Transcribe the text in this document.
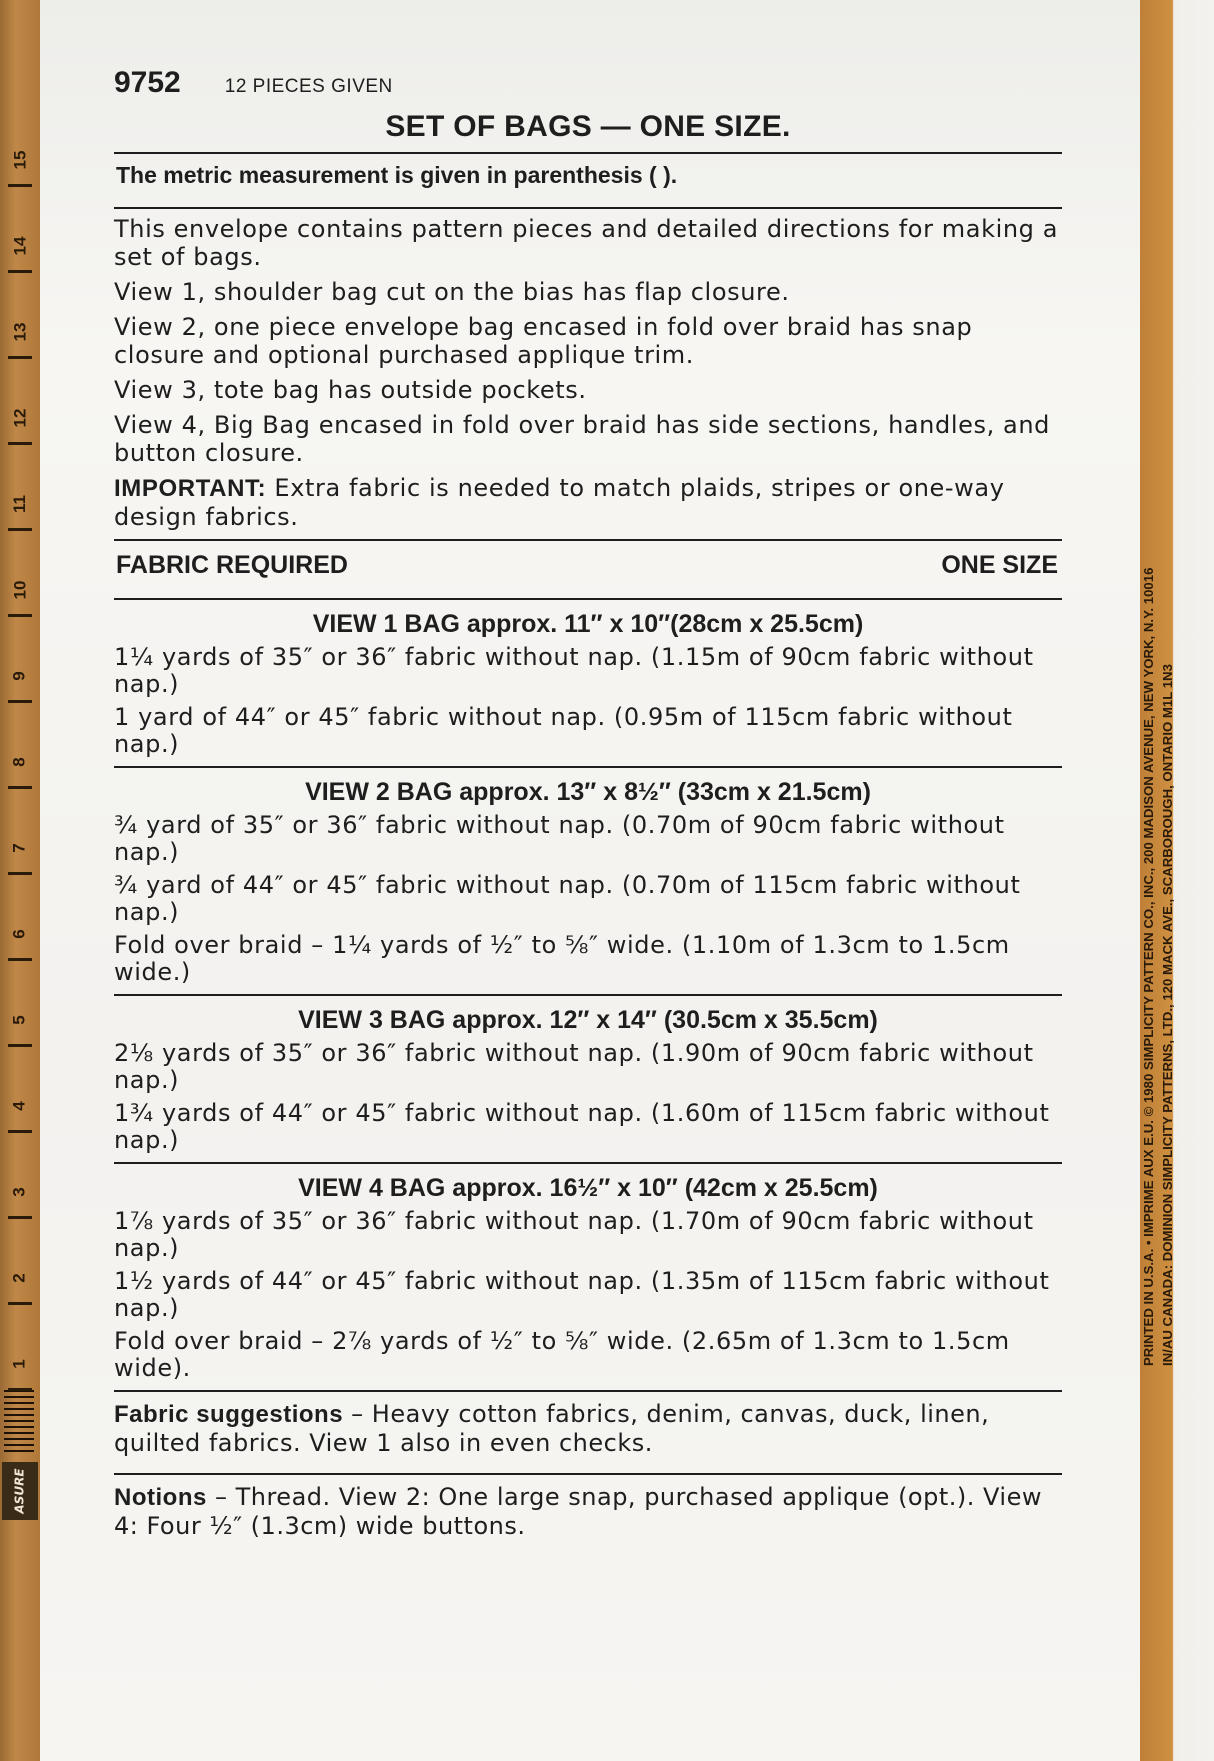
ASURE
15
14
13
12
11
10
9
8
7
6
5
4
3
2
1	PRINTED IN U.S.A. • IMPRIME AUX E.U. © 1980 SIMPLICITY PATTERN CO., INC., 200 MADISON AVENUE, NEW YORK, N.Y. 10016 IN/AU CANADA: DOMINION SIMPLICITY PATTERNS, LTD., 120 MACK AVE., SCARBOROUGH, ONTARIO M1L 1N3
9752 12 PIECES GIVEN
SET OF BAGS — ONE SIZE.
The metric measurement is given in parenthesis ( ).

This envelope contains pattern pieces and detailed directions for making a set of bags.

View 1, shoulder bag cut on the bias has flap closure.

View 2, one piece envelope bag encased in fold over braid has snap closure and optional purchased applique trim.

View 3, tote bag has outside pockets.

View 4, Big Bag encased in fold over braid has side sections, handles, and button closure.

IMPORTANT: Extra fabric is needed to match plaids, stripes or one-way design fabrics.

FABRIC REQUIRED	ONE SIZE
VIEW 1 BAG approx. 11″ x 10″(28cm x 25.5cm)

1¼ yards of 35″ or 36″ fabric without nap. (1.15m of 90cm fabric without nap.)

1 yard of 44″ or 45″ fabric without nap. (0.95m of 115cm fabric without nap.)

VIEW 2 BAG approx. 13″ x 8½″ (33cm x 21.5cm)

¾ yard of 35″ or 36″ fabric without nap. (0.70m of 90cm fabric without nap.)

¾ yard of 44″ or 45″ fabric without nap. (0.70m of 115cm fabric without nap.)

Fold over braid – 1¼ yards of ½″ to ⅝″ wide. (1.10m of 1.3cm to 1.5cm wide.)

VIEW 3 BAG approx. 12″ x 14″ (30.5cm x 35.5cm)

2⅛ yards of 35″ or 36″ fabric without nap. (1.90m of 90cm fabric without nap.)

1¾ yards of 44″ or 45″ fabric without nap. (1.60m of 115cm fabric without nap.)

VIEW 4 BAG approx. 16½″ x 10″ (42cm x 25.5cm)

1⅞ yards of 35″ or 36″ fabric without nap. (1.70m of 90cm fabric without nap.)

1½ yards of 44″ or 45″ fabric without nap. (1.35m of 115cm fabric without nap.)

Fold over braid – 2⅞ yards of ½″ to ⅝″ wide. (2.65m of 1.3cm to 1.5cm wide).

Fabric suggestions – Heavy cotton fabrics, denim, canvas, duck, linen, quilted fabrics. View 1 also in even checks.
Notions – Thread. View 2: One large snap, purchased applique (opt.). View 4: Four ½″ (1.3cm) wide buttons.
